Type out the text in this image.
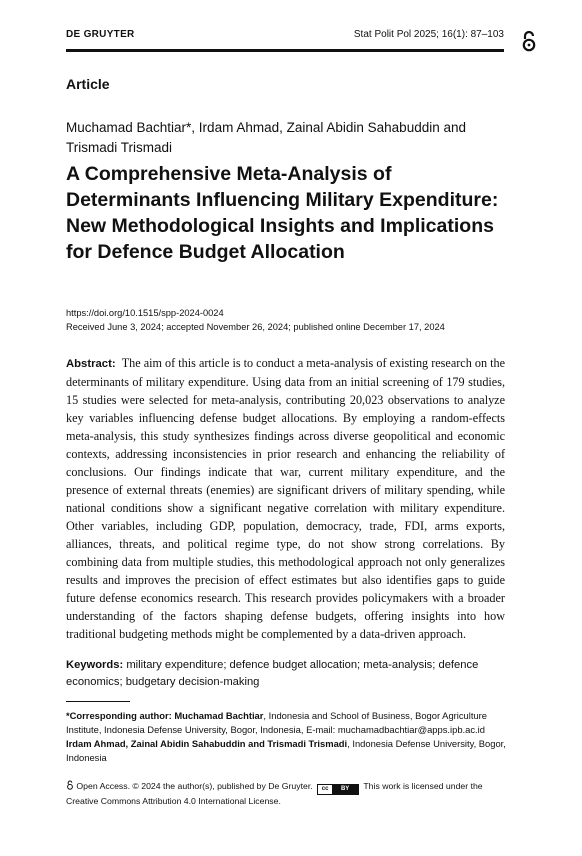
DE GRUYTER	Stat Polit Pol 2025; 16(1): 87–103
Article
Muchamad Bachtiar*, Irdam Ahmad, Zainal Abidin Sahabuddin and Trismadi Trismadi
A Comprehensive Meta-Analysis of Determinants Influencing Military Expenditure: New Methodological Insights and Implications for Defence Budget Allocation
https://doi.org/10.1515/spp-2024-0024
Received June 3, 2024; accepted November 26, 2024; published online December 17, 2024

Abstract: The aim of this article is to conduct a meta-analysis of existing research on the determinants of military expenditure. Using data from an initial screening of 179 studies, 15 studies were selected for meta-analysis, contributing 20,023 observations to analyze key variables influencing defense budget allocations. By employing a random-effects meta-analysis, this study synthesizes findings across diverse geopolitical and economic contexts, addressing inconsistencies in prior research and enhancing the reliability of conclusions. Our findings indicate that war, current military expenditure, and the presence of external threats (enemies) are significant drivers of military spending, while national conditions show a significant negative correlation with military expenditure. Other variables, including GDP, population, democracy, trade, FDI, arms exports, alliances, threats, and political regime type, do not show strong correlations. By combining data from multiple studies, this methodological approach not only generalizes results and improves the precision of effect estimates but also identifies gaps to guide future defense economics research. This research provides policymakers with a broader understanding of the factors shaping defense budgets, offering insights into how traditional budgeting methods might be complemented by a data-driven approach.

Keywords: military expenditure; defence budget allocation; meta-analysis; defence economics; budgetary decision-making

*Corresponding author: Muchamad Bachtiar, Indonesia and School of Business, Bogor Agriculture Institute, Indonesia Defense University, Bogor, Indonesia, E-mail: muchamadbachtiar@apps.ipb.ac.id
Irdam Ahmad, Zainal Abidin Sahabuddin and Trismadi Trismadi, Indonesia Defense University, Bogor, Indonesia

Open Access. © 2024 the author(s), published by De Gruyter.	cc	BY	This work is licensed under the Creative Commons Attribution 4.0 International License.
